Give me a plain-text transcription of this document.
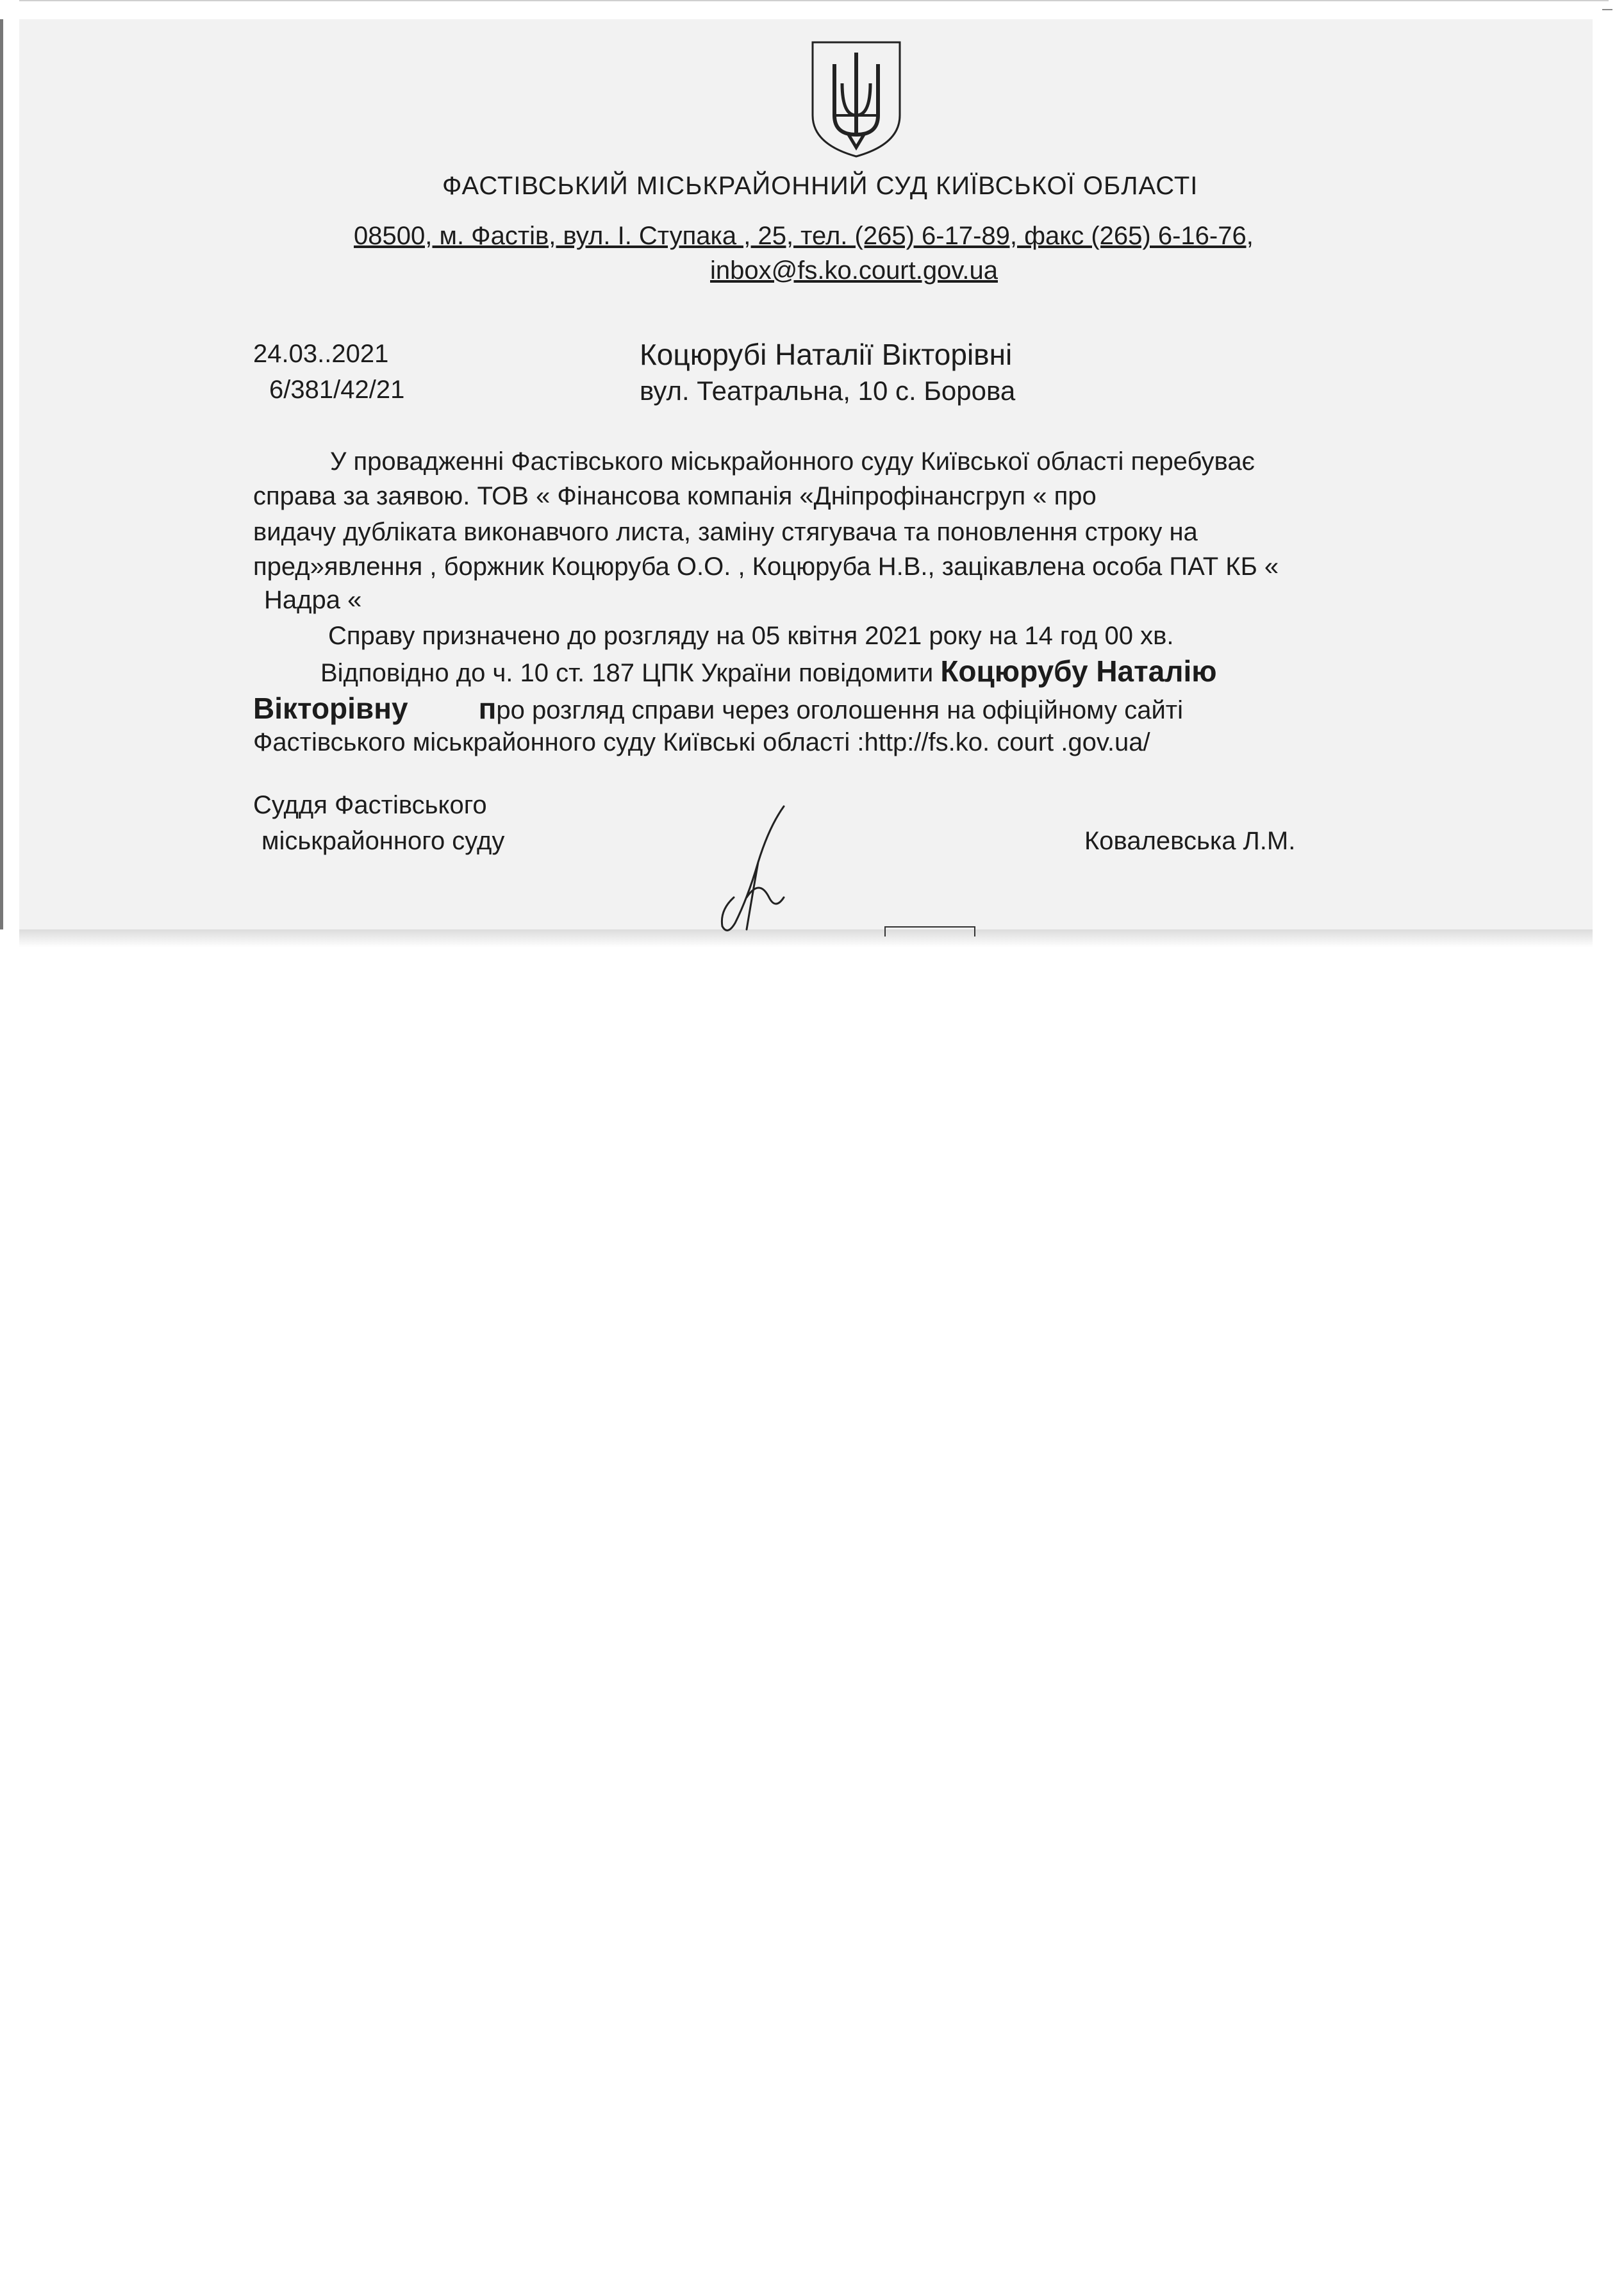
ФАСТІВСЬКИЙ МІСЬКРАЙОННИЙ СУД КИЇВСЬКОЇ ОБЛАСТІ
08500, м. Фастів, вул. І. Ступака , 25, тел. (265) 6-17-89, факс (265) 6-16-76,
inbox@fs.ko.court.gov.ua
24.03..2021
6/381/42/21
Коцюрубі Наталії Вікторівні
вул. Театральна, 10 с. Борова
У провадженні Фастівського міськрайонного суду Київської області перебуває
справа за заявою. ТОВ « Фінансова компанія «Дніпрофінансгруп « про
видачу дубліката виконавчого листа, заміну стягувача та поновлення строку на
пред»явлення , боржник Коцюруба О.О. , Коцюруба Н.В., зацікавлена особа ПАТ КБ «
Надра «
Справу призначено до розгляду на 05 квітня 2021 року на 14 год 00 хв.
Відповідно до ч. 10 ст. 187 ЦПК України повідомити Коцюрубу Наталію
Вікторівну про розгляд справи через оголошення на офіційному сайті
Фастівського міськрайонного суду Київські області :http://fs.ko. court .gov.ua/
Суддя Фастівського
міськрайонного суду	Ковалевська Л.М.
